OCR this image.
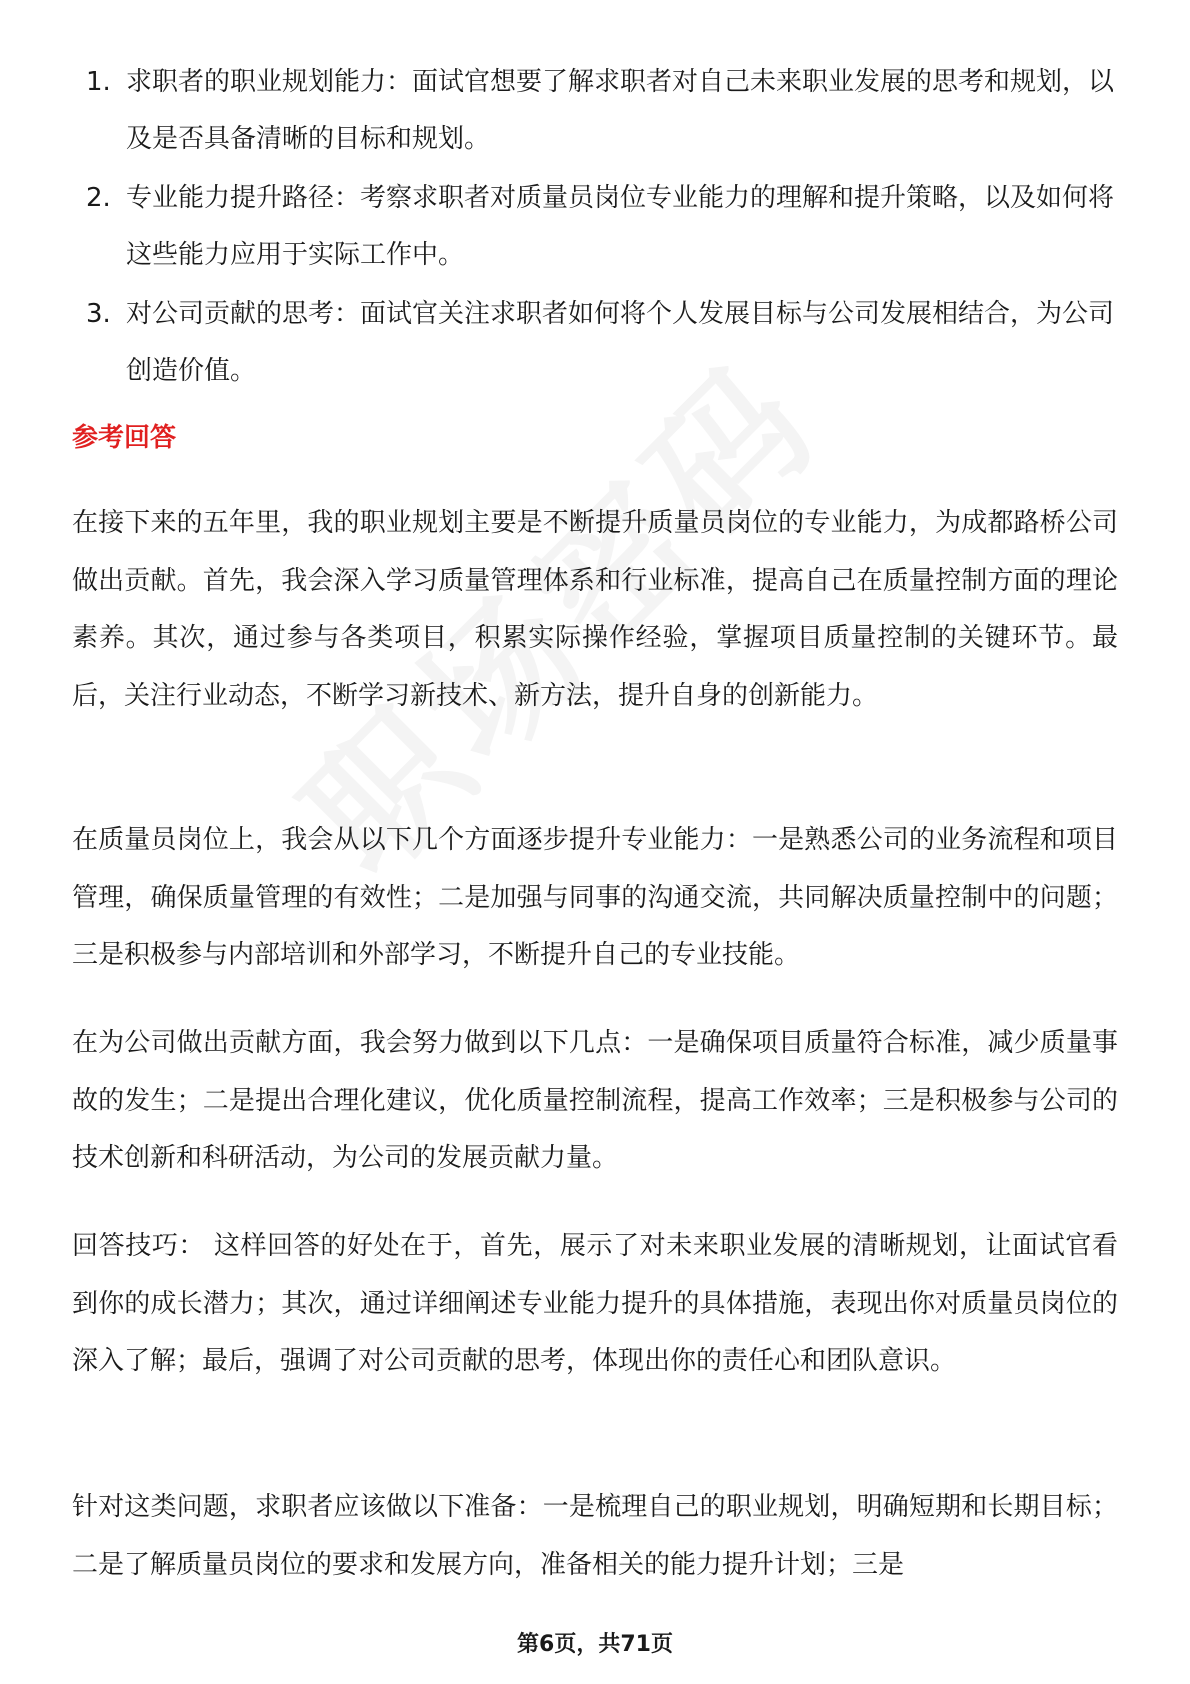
1. 求职者的职业规划能力：面试官想要了解求职者对自己未来职业发展的思考和规划，以及是否具备清晰的目标和规划。
2. 专业能力提升路径：考察求职者对质量员岗位专业能力的理解和提升策略，以及如何将这些能力应用于实际工作中。
3. 对公司贡献的思考：面试官关注求职者如何将个人发展目标与公司发展相结合，为公司创造价值。
参考回答
在接下来的五年里，我的职业规划主要是不断提升质量员岗位的专业能力，为成都路桥公司做出贡献。首先，我会深入学习质量管理体系和行业标准，提高自己在质量控制方面的理论素养。其次，通过参与各类项目，积累实际操作经验，掌握项目质量控制的关键环节。最后，关注行业动态，不断学习新技术、新方法，提升自身的创新能力。
在质量员岗位上，我会从以下几个方面逐步提升专业能力：一是熟悉公司的业务流程和项目管理，确保质量管理的有效性；二是加强与同事的沟通交流，共同解决质量控制中的问题；三是积极参与内部培训和外部学习，不断提升自己的专业技能。
在为公司做出贡献方面，我会努力做到以下几点：一是确保项目质量符合标准，减少质量事故的发生；二是提出合理化建议，优化质量控制流程，提高工作效率；三是积极参与公司的技术创新和科研活动，为公司的发展贡献力量。
回答技巧： 这样回答的好处在于，首先，展示了对未来职业发展的清晰规划，让面试官看到你的成长潜力；其次，通过详细阐述专业能力提升的具体措施，表现出你对质量员岗位的深入了解；最后，强调了对公司贡献的思考，体现出你的责任心和团队意识。
针对这类问题，求职者应该做以下准备：一是梳理自己的职业规划，明确短期和长期目标；二是了解质量员岗位的要求和发展方向，准备相关的能力提升计划；三是
第6页，共71页
